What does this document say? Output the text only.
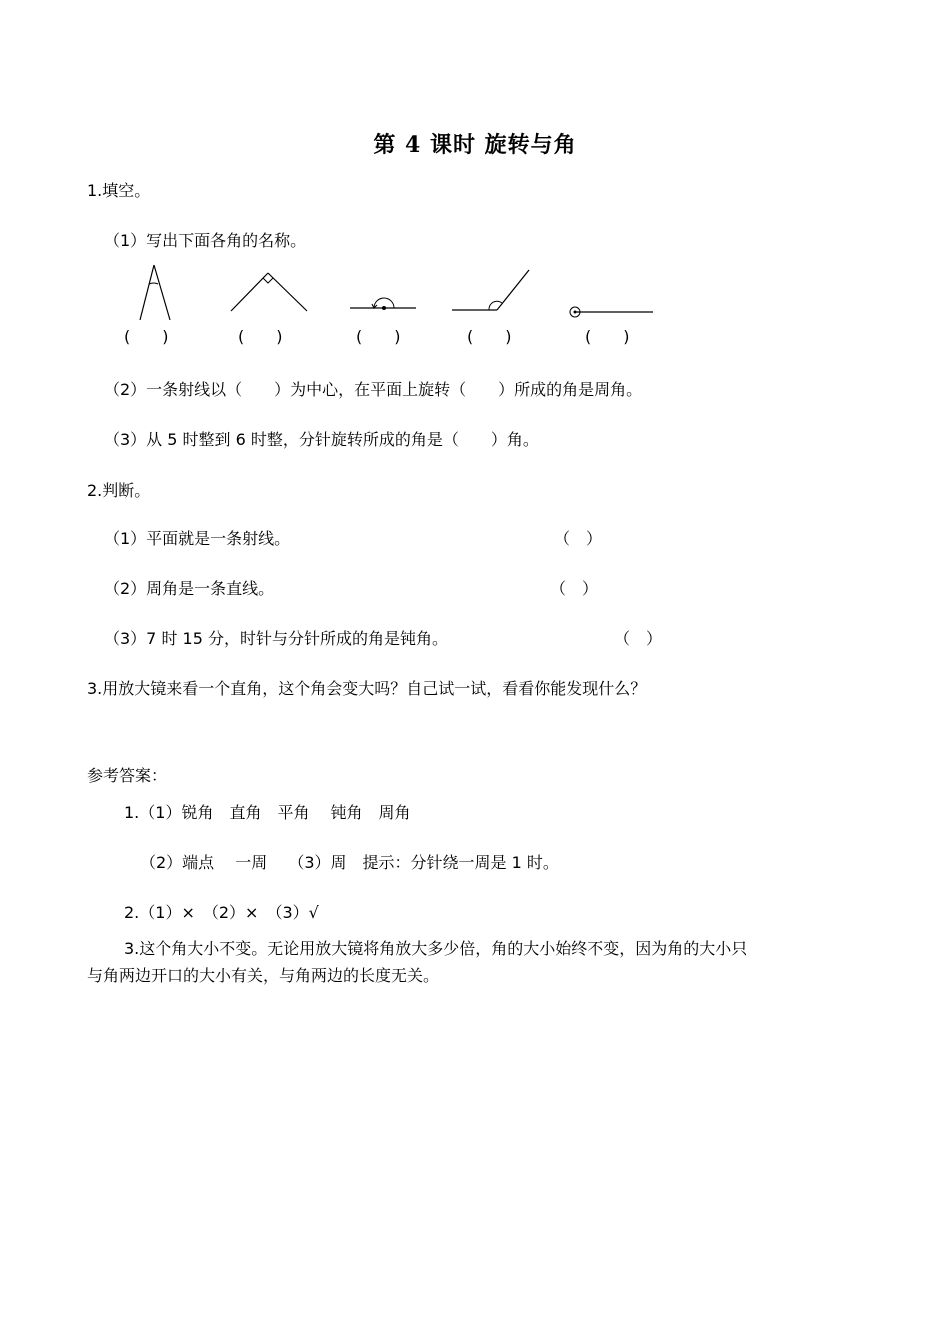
第 4 课时 旋转与角
1.填空。
（1）写出下面各角的名称。
(　　)	(　　)	(　　)	(　　)	(　　)
（2）一条射线以（　　）为中心，在平面上旋转（　　）所成的角是周角。
（3）从 5 时整到 6 时整，分针旋转所成的角是（　　）角。
2.判断。
（1）平面就是一条射线。	（　）
（2）周角是一条直线。	（　）
（3）7 时 15 分，时针与分针所成的角是钝角。	（　）
3.用放大镜来看一个直角，这个角会变大吗？自己试一试，看看你能发现什么？
参考答案：
1.（1）锐角　直角　平角　 钝角　周角
（2）端点　 一周　 （3）周　提示：分针绕一周是 1 时。
2.（1）×　（2）×　（3）√
3.这个角大小不变。无论用放大镜将角放大多少倍，角的大小始终不变，因为角的大小只
与角两边开口的大小有关，与角两边的长度无关。
